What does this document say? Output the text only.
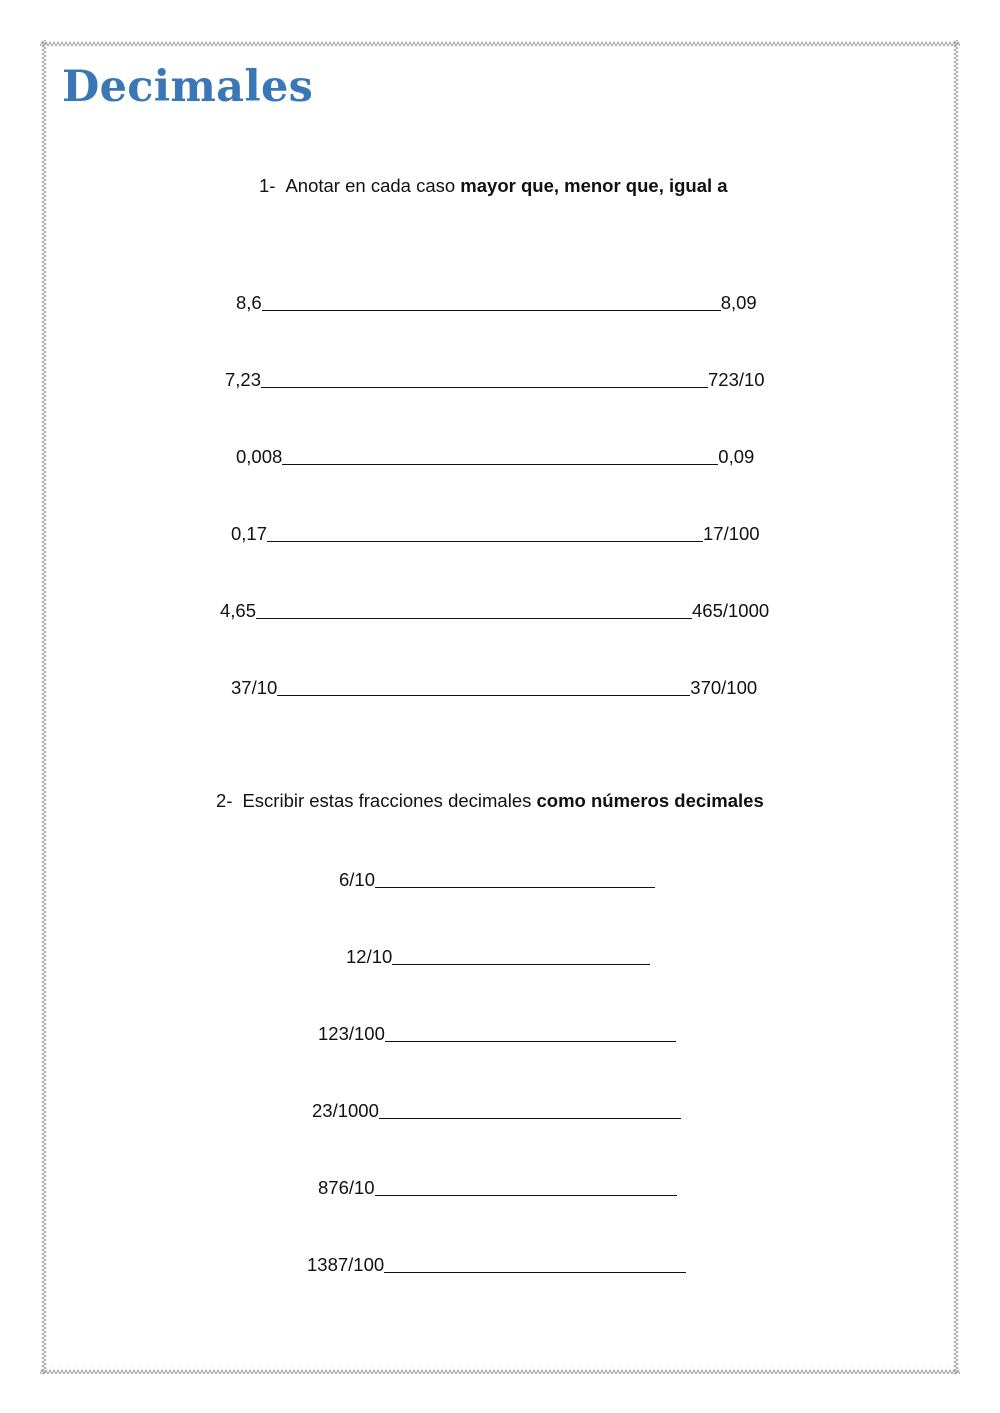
Decimales
1- Anotar en cada caso mayor que, menor que, igual a
8,6	8,09
7,23	723/10
0,008	0,09
0,17	17/100
4,65	465/1000
37/10	370/100
2- Escribir estas fracciones decimales como números decimales
6/10
12/10
123/100
23/1000
876/10
1387/100
